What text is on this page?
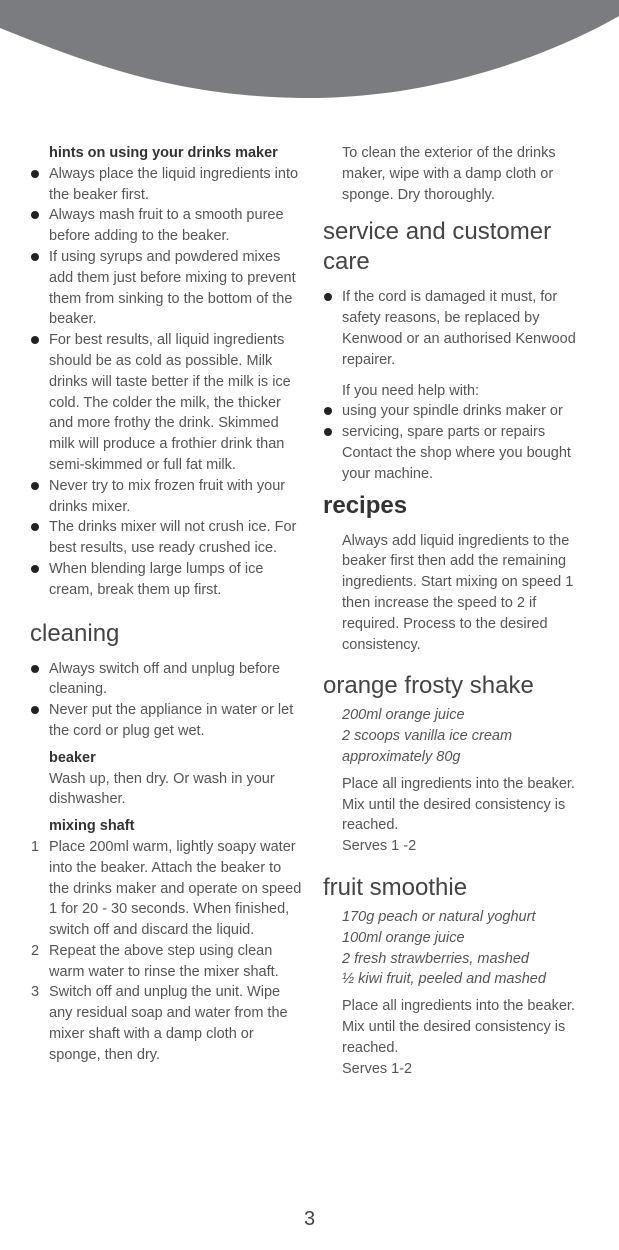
hints on using your drinks maker

Always place the liquid ingredients into the beaker first.
Always mash fruit to a smooth puree before adding to the beaker.
If using syrups and powdered mixes add them just before mixing to prevent them from sinking to the bottom of the beaker.
For best results, all liquid ingredients should be as cold as possible. Milk drinks will taste better if the milk is ice cold. The colder the milk, the thicker and more frothy the drink. Skimmed milk will produce a frothier drink than semi-skimmed or full fat milk.
Never try to mix frozen fruit with your drinks mixer.
The drinks mixer will not crush ice. For best results, use ready crushed ice.
When blending large lumps of ice cream, break them up first.
cleaning
Always switch off and unplug before cleaning.
Never put the appliance in water or let the cord or plug get wet.

beaker

Wash up, then dry. Or wash in your dishwasher.

mixing shaft

1 Place 200ml warm, lightly soapy water into the beaker. Attach the beaker to the drinks maker and operate on speed 1 for 20 - 30 seconds. When finished, switch off and discard the liquid.
2 Repeat the above step using clean warm water to rinse the mixer shaft.
3 Switch off and unplug the unit. Wipe any residual soap and water from the mixer shaft with a damp cloth or sponge, then dry.

To clean the exterior of the drinks maker, wipe with a damp cloth or sponge. Dry thoroughly.

service and customer care
If the cord is damaged it must, for safety reasons, be replaced by Kenwood or an authorised Kenwood repairer.

If you need help with:

using your spindle drinks maker or
servicing, spare parts or repairs

Contact the shop where you bought your machine.

recipes

Always add liquid ingredients to the beaker first then add the remaining ingredients. Start mixing on speed 1 then increase the speed to 2 if required. Process to the desired consistency.

orange frosty shake

200ml orange juice

2 scoops vanilla ice cream approximately 80g

Place all ingredients into the beaker. Mix until the desired consistency is reached.

Serves 1 -2

fruit smoothie

170g peach or natural yoghurt

100ml orange juice

2 fresh strawberries, mashed

½ kiwi fruit, peeled and mashed

Place all ingredients into the beaker. Mix until the desired consistency is reached.

Serves 1-2

3
